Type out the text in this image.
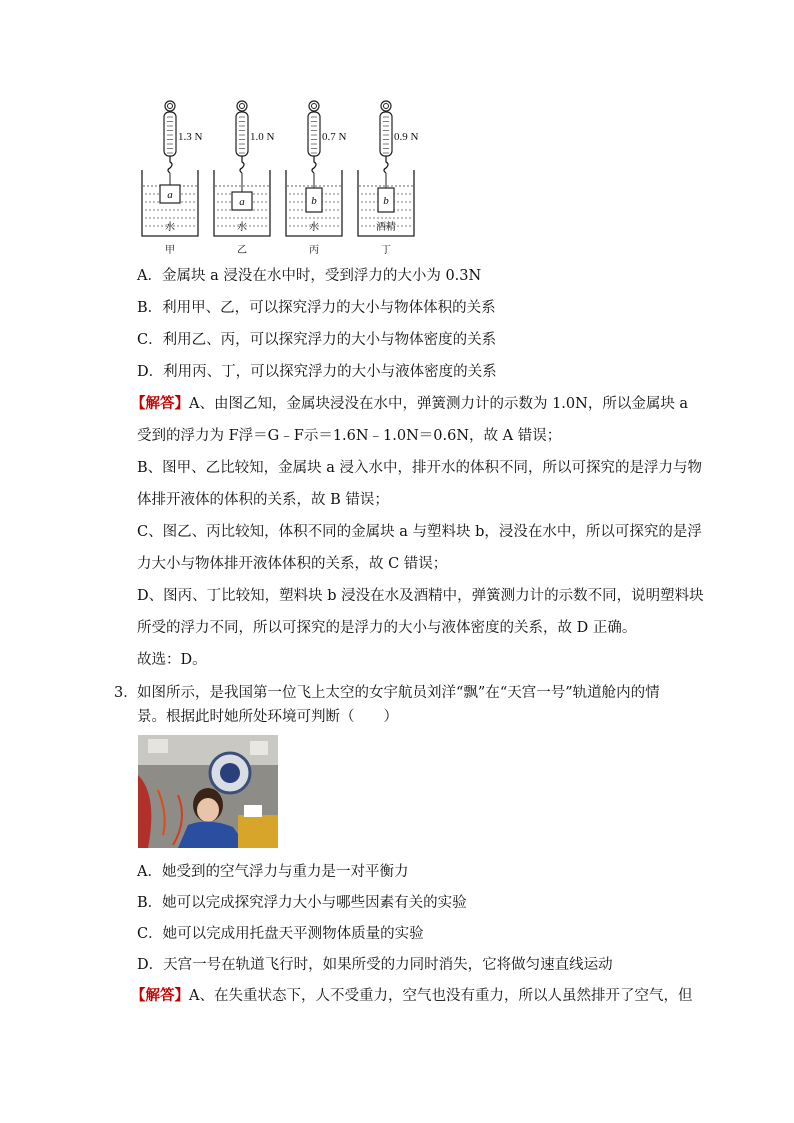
1.3 N
a
水
甲
1.0 N
a
水
乙
0.7 N
b
水
丙
0.9 N
b
酒精
丁
A．金属块 a 浸没在水中时，受到浮力的大小为 0.3N
B．利用甲、乙，可以探究浮力的大小与物体体积的关系
C．利用乙、丙，可以探究浮力的大小与物体密度的关系
D．利用丙、丁，可以探究浮力的大小与液体密度的关系
【解答】A、由图乙知，金属块浸没在水中，弹簧测力计的示数为 1.0N，所以金属块 a
受到的浮力为 F浮＝G﹣F示＝1.6N﹣1.0N＝0.6N，故 A 错误；
B、图甲、乙比较知，金属块 a 浸入水中，排开水的体积不同，所以可探究的是浮力与物
体排开液体的体积的关系，故 B 错误；
C、图乙、丙比较知，体积不同的金属块 a 与塑料块 b，浸没在水中，所以可探究的是浮
力大小与物体排开液体体积的关系，故 C 错误；
D、图丙、丁比较知，塑料块 b 浸没在水及酒精中，弹簧测力计的示数不同，说明塑料块
所受的浮力不同，所以可探究的是浮力的大小与液体密度的关系，故 D 正确。
故选：D。
3． 如图所示，是我国第一位飞上太空的女宇航员刘洋“飘”在“天宫一号”轨道舱内的情
景。根据此时她所处环境可判断（　　）
A．她受到的空气浮力与重力是一对平衡力
B．她可以完成探究浮力大小与哪些因素有关的实验
C．她可以完成用托盘天平测物体质量的实验
D．天宫一号在轨道飞行时，如果所受的力同时消失，它将做匀速直线运动
【解答】A、在失重状态下，人不受重力，空气也没有重力，所以人虽然排开了空气，但
